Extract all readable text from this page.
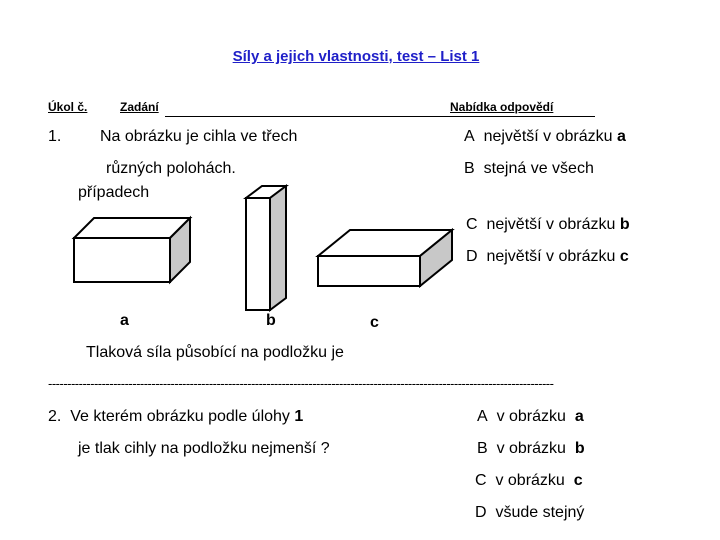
Síly a jejich vlastnosti, test – List 1
Úkol č.	Zadání	Nabídka odpovědí
1. Na obrázku je cihla ve třech
různých polohách.
případech
A největší v obrázku a
B stejná ve všech
C největší v obrázku b
D největší v obrázku c
a	b	c
Tlaková síla působící na podložku je
------------------------------------------------------------------------------------------------------------------------------------
2. Ve kterém obrázku podle úlohy 1
je tlak cihly na podložku nejmenší ?
A v obrázku a
B v obrázku b
C v obrázku c
D všude stejný
